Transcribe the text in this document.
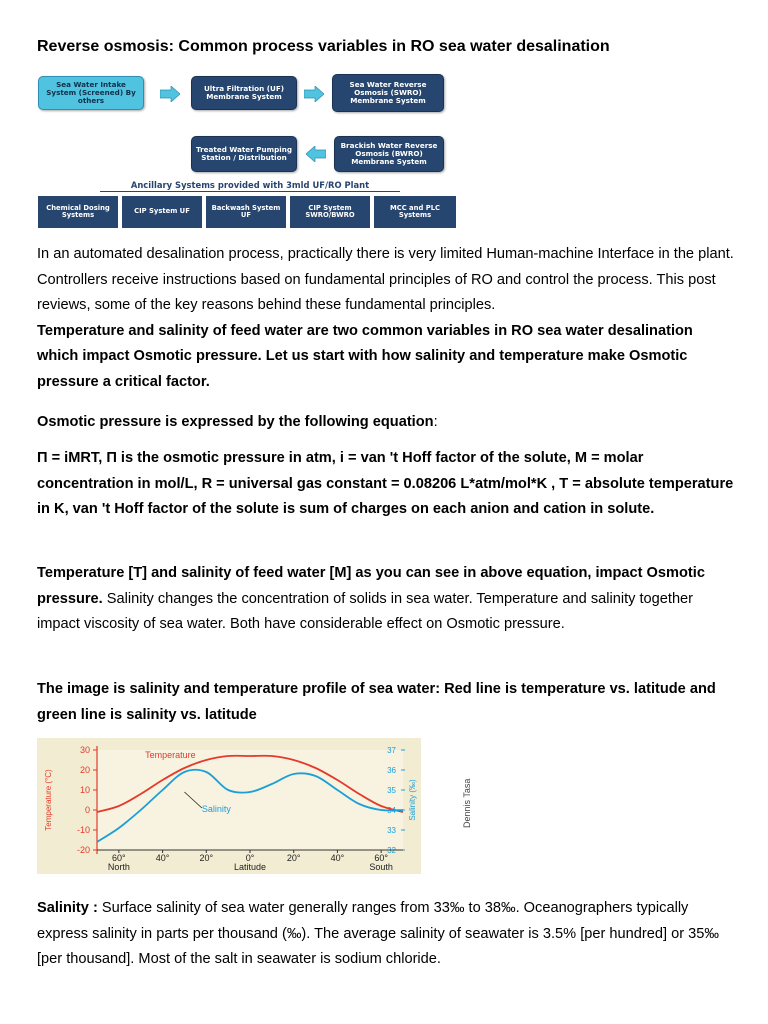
Reverse osmosis: Common process variables in RO sea water desalination
Sea Water Intake System (Screened) By others
Ultra Filtration (UF) Membrane System
Sea Water Reverse Osmosis (SWRO) Membrane System
Treated Water Pumping Station / Distribution
Brackish Water Reverse Osmosis (BWRO) Membrane System
Ancillary Systems provided with 3mld UF/RO Plant
Chemical Dosing Systems	CIP System UF	Backwash System UF
CIP System SWRO/BWRO
MCC and PLC Systems
In an automated desalination process, practically there is very limited Human-machine Interface in the plant. Controllers receive instructions based on fundamental principles of RO and control the process. This post reviews, some of the key reasons behind these fundamental principles.
Temperature and salinity of feed water are two common variables in RO sea water desalination which impact Osmotic pressure. Let us start with how salinity and temperature make Osmotic pressure a critical factor.
Osmotic pressure is expressed by the following equation:
Π = iMRT, Π is the osmotic pressure in atm, i = van 't Hoff factor of the solute, M = molar concentration in mol/L, R = universal gas constant = 0.08206 L*atm/mol*K , T = absolute temperature in K, van 't Hoff factor of the solute is sum of charges on each anion and cation in solute.
Temperature [T] and salinity of feed water [M] as you can see in above equation, impact Osmotic pressure. Salinity changes the concentration of solids in sea water. Temperature and salinity together impact viscosity of sea water. Both have considerable effect on Osmotic pressure.
The image is salinity and temperature profile of sea water: Red line is temperature vs. latitude and green line is salinity vs. latitude
30
20
10
0
-10
-20
Temperature (°C)
37
36
35
34
33
32
Salinity (‰)
60°
North
40°	20°	0°	20°	40°	60°
South
Latitude
Temperature
Salinity	Dennis Tasa
Salinity : Surface salinity of sea water generally ranges from 33‰ to 38‰. Oceanographers typically express salinity in parts per thousand (‰). The average salinity of seawater is 3.5% [per hundred] or 35‰ [per thousand]. Most of the salt in seawater is sodium chloride.
